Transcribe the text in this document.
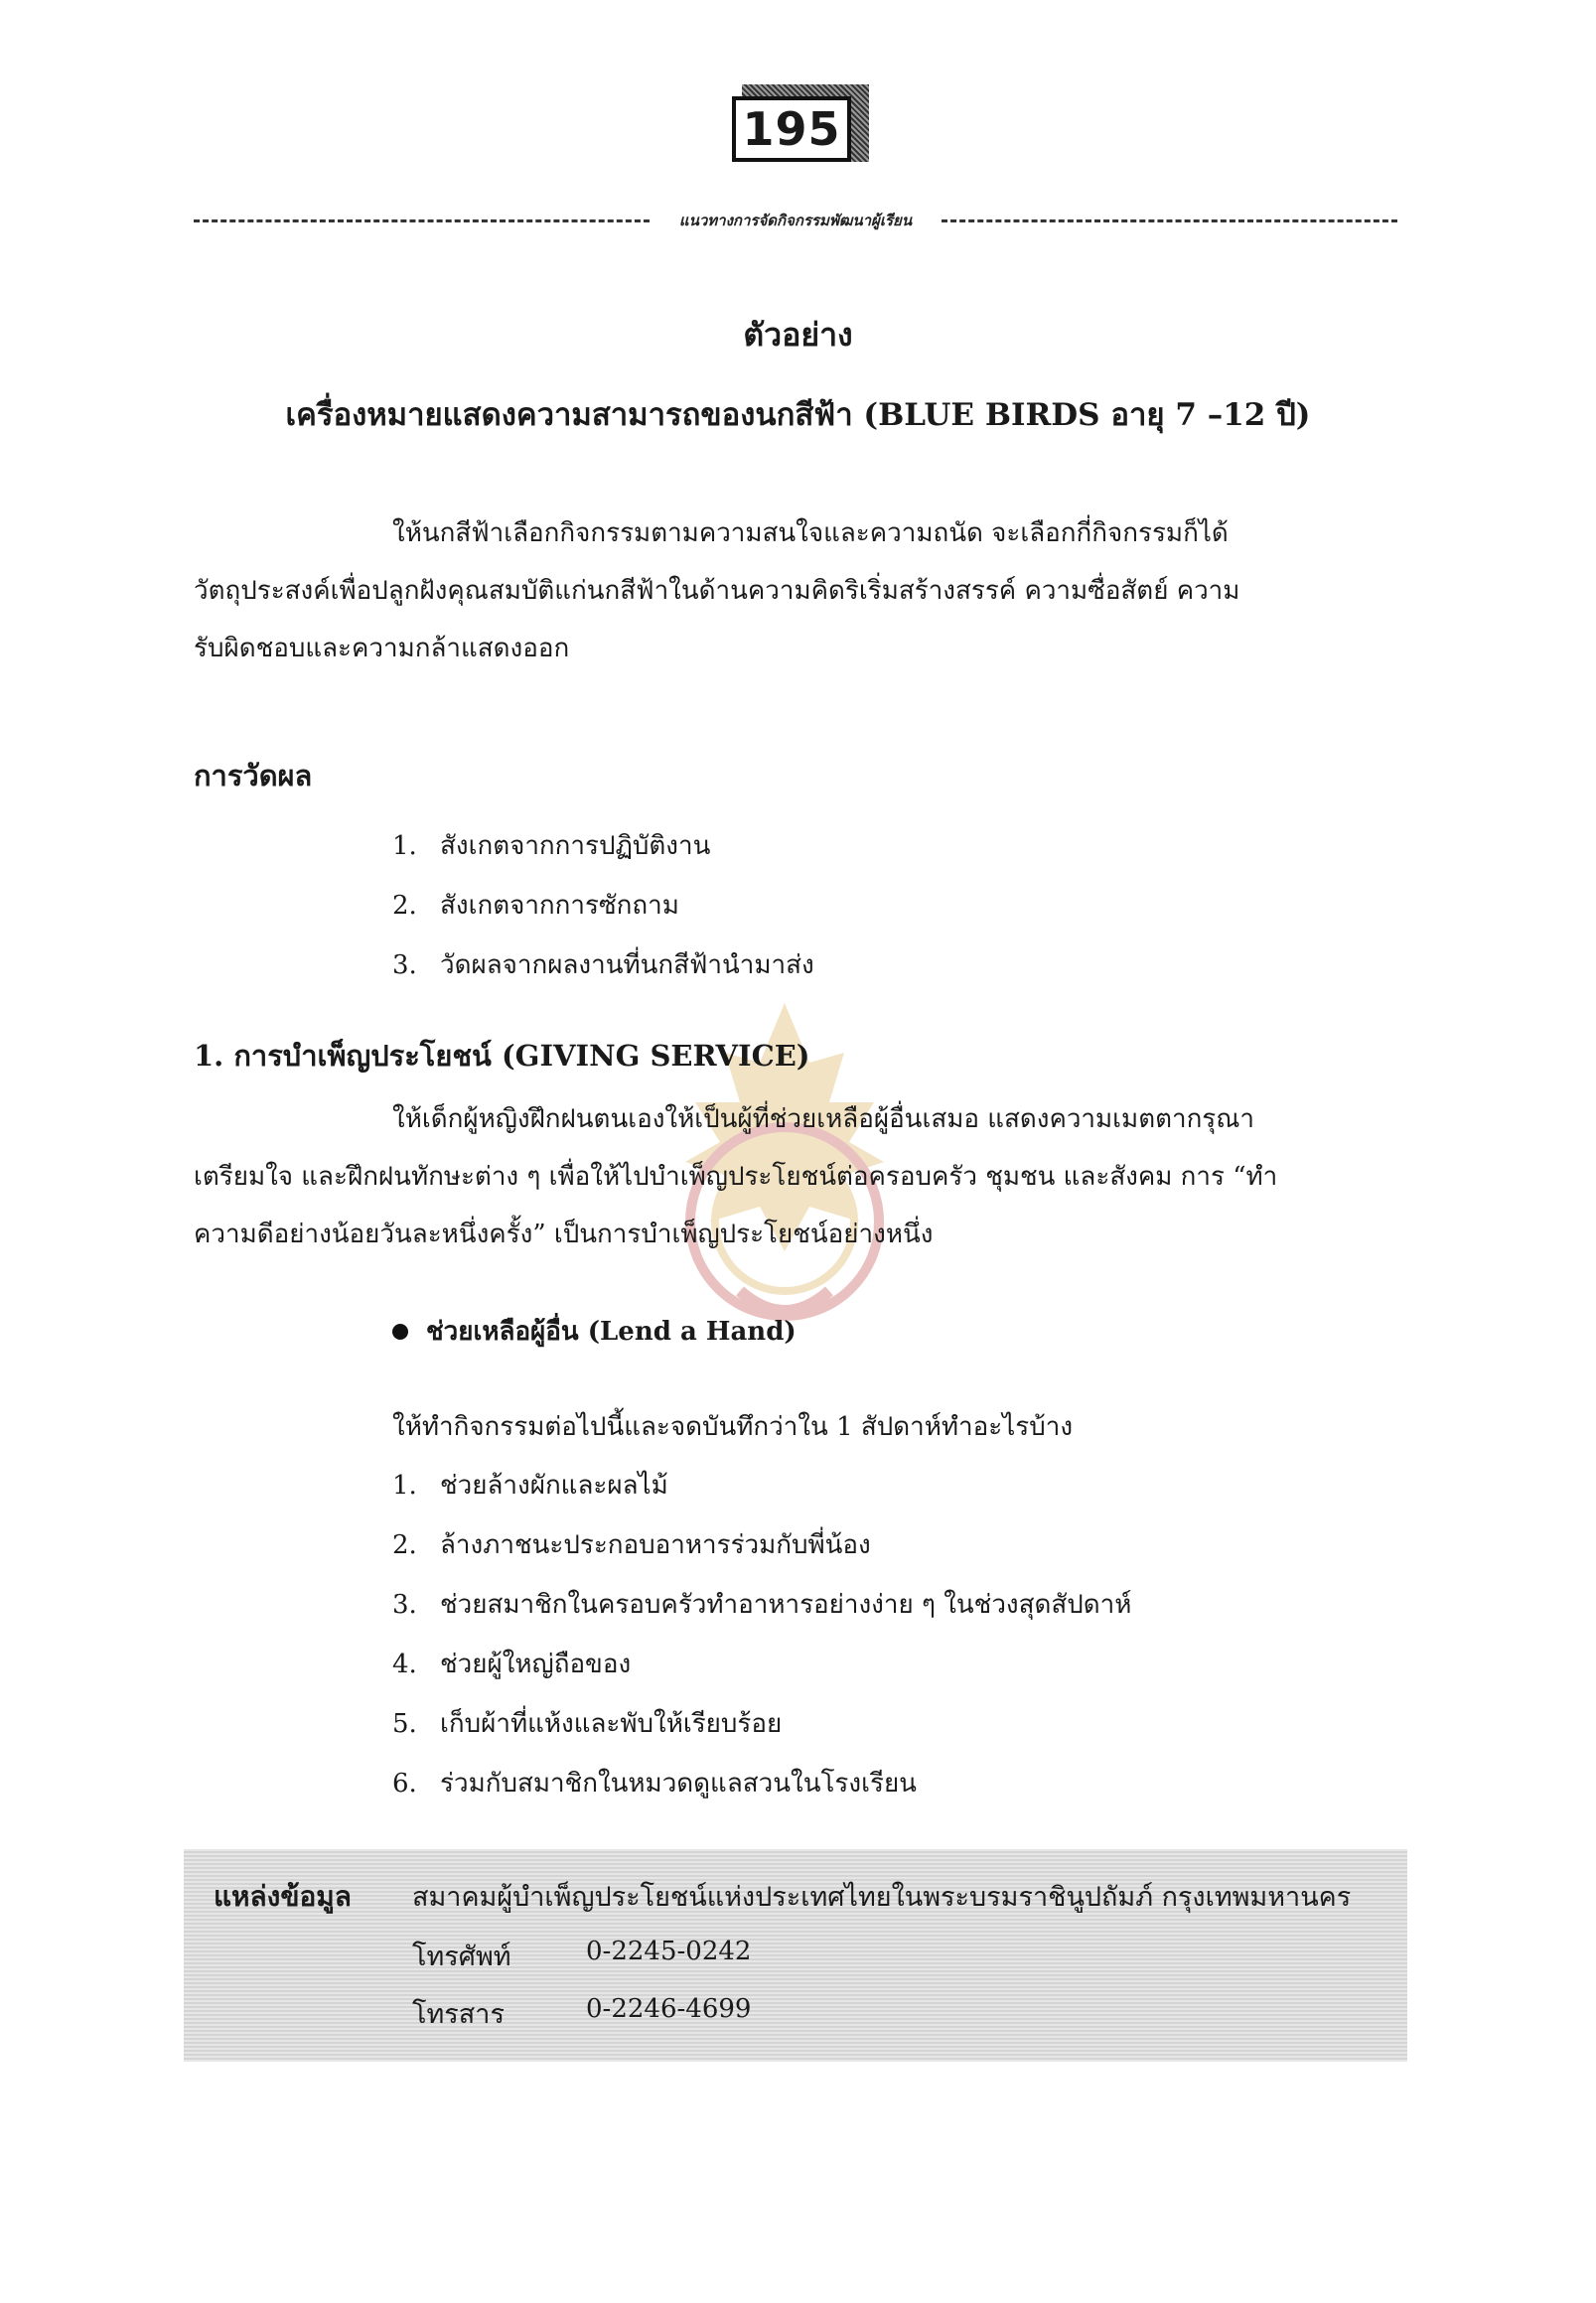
195
แนวทางการจัดกิจกรรมพัฒนาผู้เรียน
ตัวอย่าง
เครื่องหมายแสดงความสามารถของนกสีฟ้า (BLUE BIRDS อายุ 7 –12 ปี)
ให้นกสีฟ้าเลือกกิจกรรมตามความสนใจและความถนัด จะเลือกกี่กิจกรรมก็ได้
วัตถุประสงค์เพื่อปลูกฝังคุณสมบัติแก่นกสีฟ้าในด้านความคิดริเริ่มสร้างสรรค์ ความซื่อสัตย์ ความ
รับผิดชอบและความกล้าแสดงออก
การวัดผล
1. สังเกตจากการปฏิบัติงาน
2. สังเกตจากการซักถาม
3. วัดผลจากผลงานที่นกสีฟ้านำมาส่ง
1. การบำเพ็ญประโยชน์ (GIVING SERVICE)
ให้เด็กผู้หญิงฝึกฝนตนเองให้เป็นผู้ที่ช่วยเหลือผู้อื่นเสมอ แสดงความเมตตากรุณา
เตรียมใจ และฝึกฝนทักษะต่าง ๆ เพื่อให้ไปบำเพ็ญประโยชน์ต่อครอบครัว ชุมชน และสังคม การ “ทำ
ความดีอย่างน้อยวันละหนึ่งครั้ง” เป็นการบำเพ็ญประโยชน์อย่างหนึ่ง
ช่วยเหลือผู้อื่น (Lend a Hand)
ให้ทำกิจกรรมต่อไปนี้และจดบันทึกว่าใน 1 สัปดาห์ทำอะไรบ้าง
1. ช่วยล้างผักและผลไม้
2. ล้างภาชนะประกอบอาหารร่วมกับพี่น้อง
3. ช่วยสมาชิกในครอบครัวทำอาหารอย่างง่าย ๆ ในช่วงสุดสัปดาห์
4. ช่วยผู้ใหญ่ถือของ
5. เก็บผ้าที่แห้งและพับให้เรียบร้อย
6. ร่วมกับสมาชิกในหมวดดูแลสวนในโรงเรียน
แหล่งข้อมูล สมาคมผู้บำเพ็ญประโยชน์แห่งประเทศไทยในพระบรมราชินูปถัมภ์ กรุงเทพมหานคร
โทรศัพท์	0-2245-0242
โทรสาร	0-2246-4699
